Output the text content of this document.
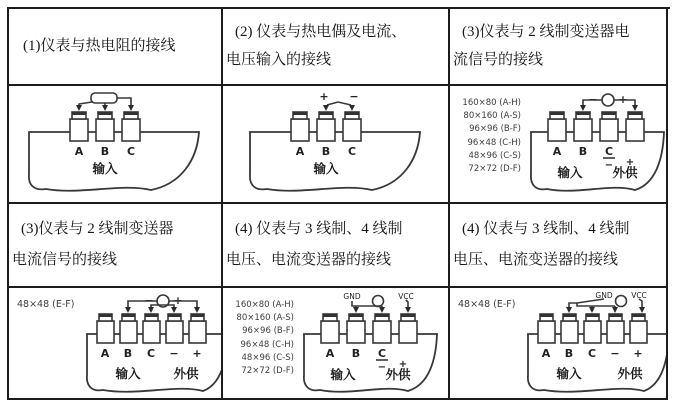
(1)仪表与热电阻的接线
(2) 仪表与热电偶及电流、
电压输入的接线
(3)仪表与 2 线制变送器电
流信号的接线
A B C
输入
+ −
A B C
输入
160×80 (A-H)
80×160 (A-S)
96×96 (B-F)
96×48 (C-H)
48×96 (C-S)
72×72 (D-F)
− +
A B C
− +
输入 外供
(3)仪表与 2 线制变送器
电流信号的接线
(4) 仪表与 3 线制、4 线制
电压、电流变送器的接线
(4) 仪表与 3 线制、4 线制
电压、电流变送器的接线
48×48 (E-F)	− +
A B C − +
输入	外供
160×80 (A-H)
80×160 (A-S)
96×96 (B-F)
96×48 (C-H)
48×96 (C-S)
72×72 (D-F)
GND	VCC
A B C
− +
输入 外供
48×48 (E-F)
GND VCC
A B C − +
输入	外供
